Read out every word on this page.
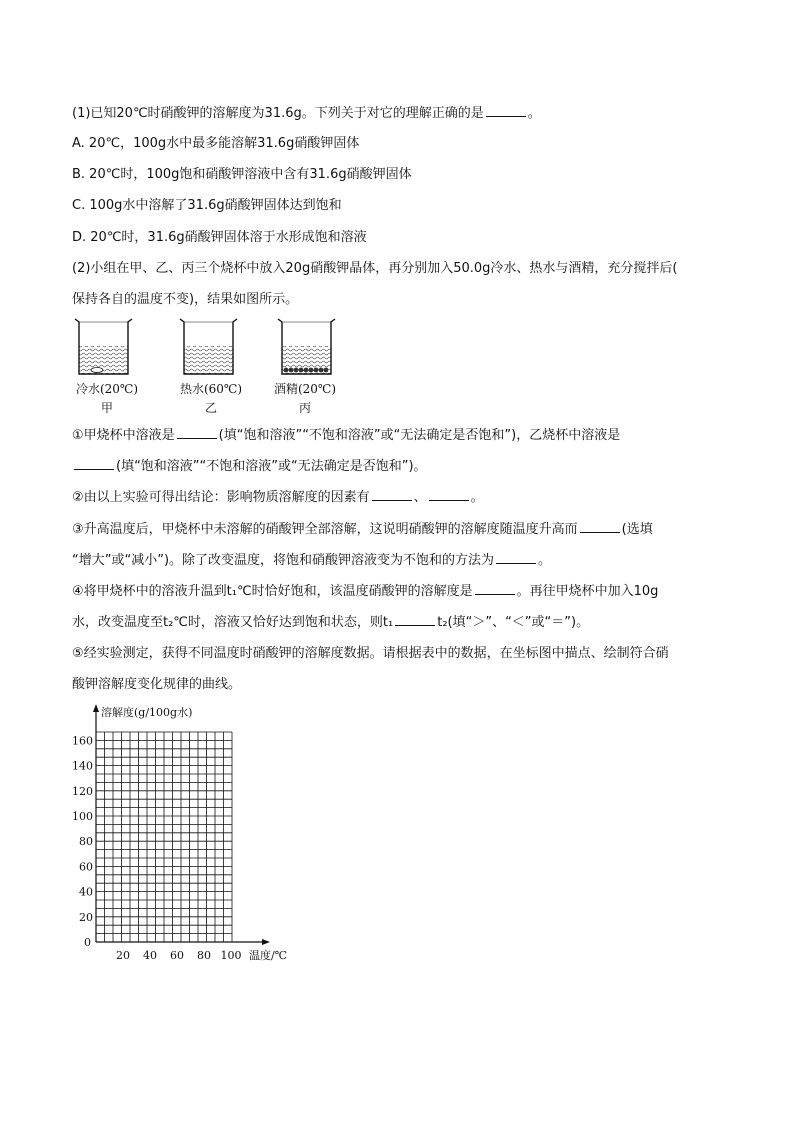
(1)已知20℃时硝酸钾的溶解度为31.6g。下列关于对它的理解正确的是	。
A. 20℃，100g水中最多能溶解31.6g硝酸钾固体
B. 20℃时，100g饱和硝酸钾溶液中含有31.6g硝酸钾固体
C. 100g水中溶解了31.6g硝酸钾固体达到饱和
D. 20℃时，31.6g硝酸钾固体溶于水形成饱和溶液
(2)小组在甲、乙、丙三个烧杯中放入20g硝酸钾晶体，再分别加入50.0g冷水、热水与酒精，充分搅拌后(
保持各自的温度不变)，结果如图所示。
冷水(20℃)	热水(60℃)	酒精(20℃)
甲	乙	丙
①甲烧杯中溶液是	(填“饱和溶液”“不饱和溶液”或“无法确定是否饱和”)，乙烧杯中溶液是
(填“饱和溶液”“不饱和溶液”或“无法确定是否饱和”)。
②由以上实验可得出结论：影响物质溶解度的因素有	、	。
③升高温度后，甲烧杯中未溶解的硝酸钾全部溶解，这说明硝酸钾的溶解度随温度升高而	(选填
“增大”或“减小”)。除了改变温度，将饱和硝酸钾溶液变为不饱和的方法为	。
④将甲烧杯中的溶液升温到t₁℃时恰好饱和，该温度硝酸钾的溶解度是	。再往甲烧杯中加入10g
水，改变温度至t₂℃时，溶液又恰好达到饱和状态，则t₁	t₂(填“＞”、“＜”或“＝”)。
⑤经实验测定，获得不同温度时硝酸钾的溶解度数据。请根据表中的数据，在坐标图中描点、绘制符合硝
酸钾溶解度变化规律的曲线。
溶解度(g/100g水)
温度/℃
0
20
40
60
80
100
120
140
160
20 40 60 80 100
